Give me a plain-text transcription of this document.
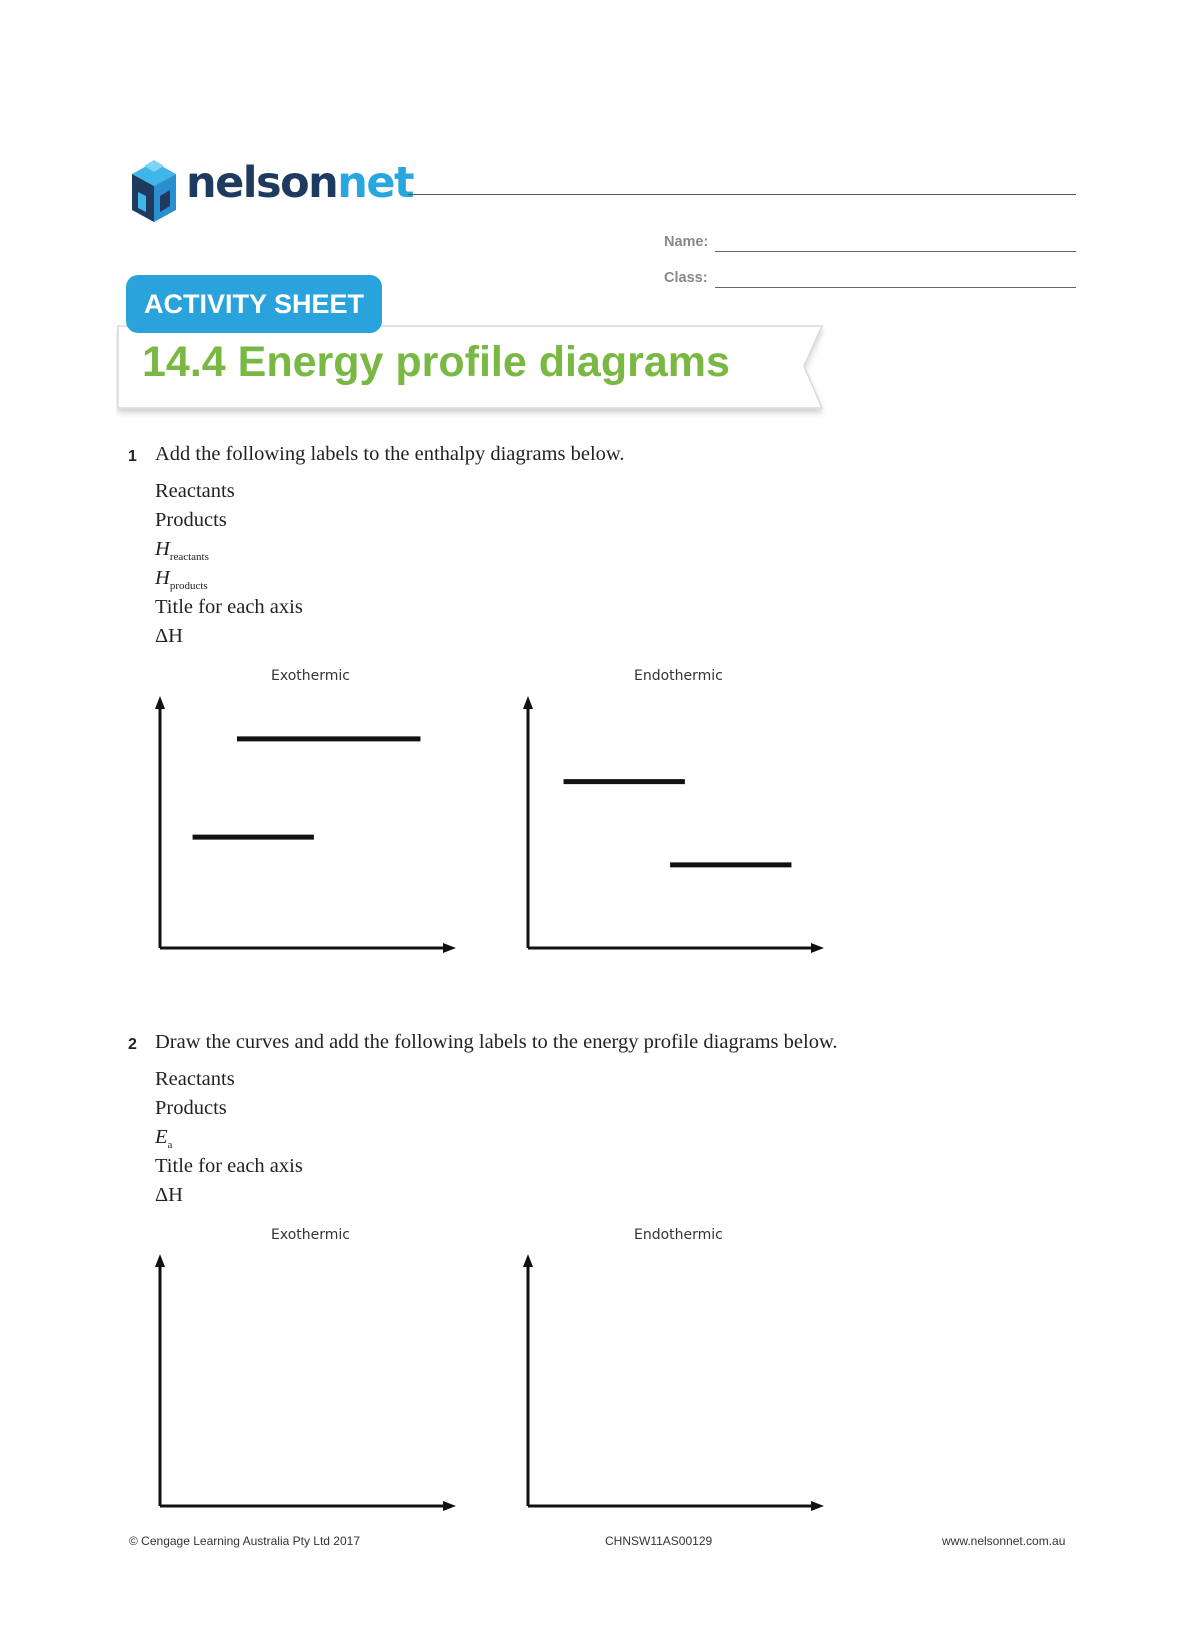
nelsonnet
Name:
Class:
ACTIVITY SHEET
14.4 Energy profile diagrams
1 Add the following labels to the enthalpy diagrams below.
Reactants
Products
$H_{reactants}$
$H_{products}$
Title for each axis
ΔH
Exothermic	Endothermic
2 Draw the curves and add the following labels to the energy profile diagrams below.
Reactants
Products
$E_a$
Title for each axis
ΔH
Exothermic	Endothermic
© Cengage Learning Australia Pty Ltd 2017	CHNSW11AS00129	www.nelsonnet.com.au
